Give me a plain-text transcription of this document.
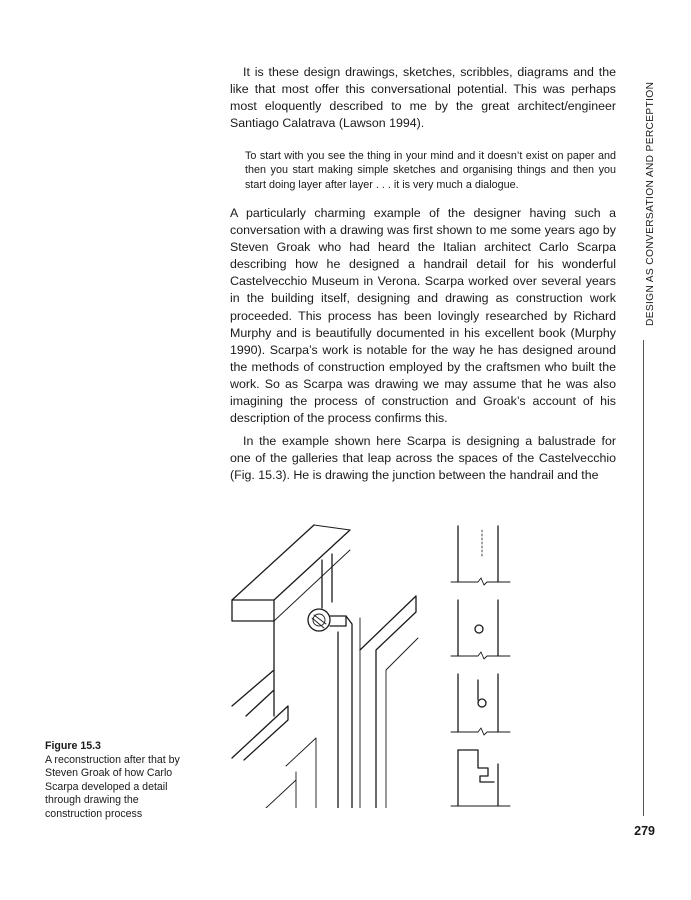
DESIGN AS CONVERSATION AND PERCEPTION

It is these design drawings, sketches, scribbles, diagrams and the like that most offer this conversational potential. This was perhaps most eloquently described to me by the great architect/engineer Santiago Calatrava (Lawson 1994).

To start with you see the thing in your mind and it doesn’t exist on paper and then you start making simple sketches and organising things and then you start doing layer after layer . . . it is very much a dialogue.

A particularly charming example of the designer having such a conversation with a drawing was first shown to me some years ago by Steven Groak who had heard the Italian architect Carlo Scarpa describing how he designed a handrail detail for his wonderful Castelvecchio Museum in Verona. Scarpa worked over several years in the building itself, designing and drawing as construction work proceeded. This process has been lovingly researched by Richard Murphy and is beautifully documented in his excellent book (Murphy 1990). Scarpa’s work is notable for the way he has designed around the methods of construction employed by the craftsmen who built the work. So as Scarpa was drawing we may assume that he was also imagining the process of construction and Groak’s account of his description of the process confirms this.

In the example shown here Scarpa is designing a balustrade for one of the galleries that leap across the spaces of the Castelvecchio (Fig. 15.3). He is drawing the junction between the handrail and the

Figure 15.3
A reconstruction after that by Steven Groak of how Carlo Scarpa developed a detail through drawing the construction process
279
